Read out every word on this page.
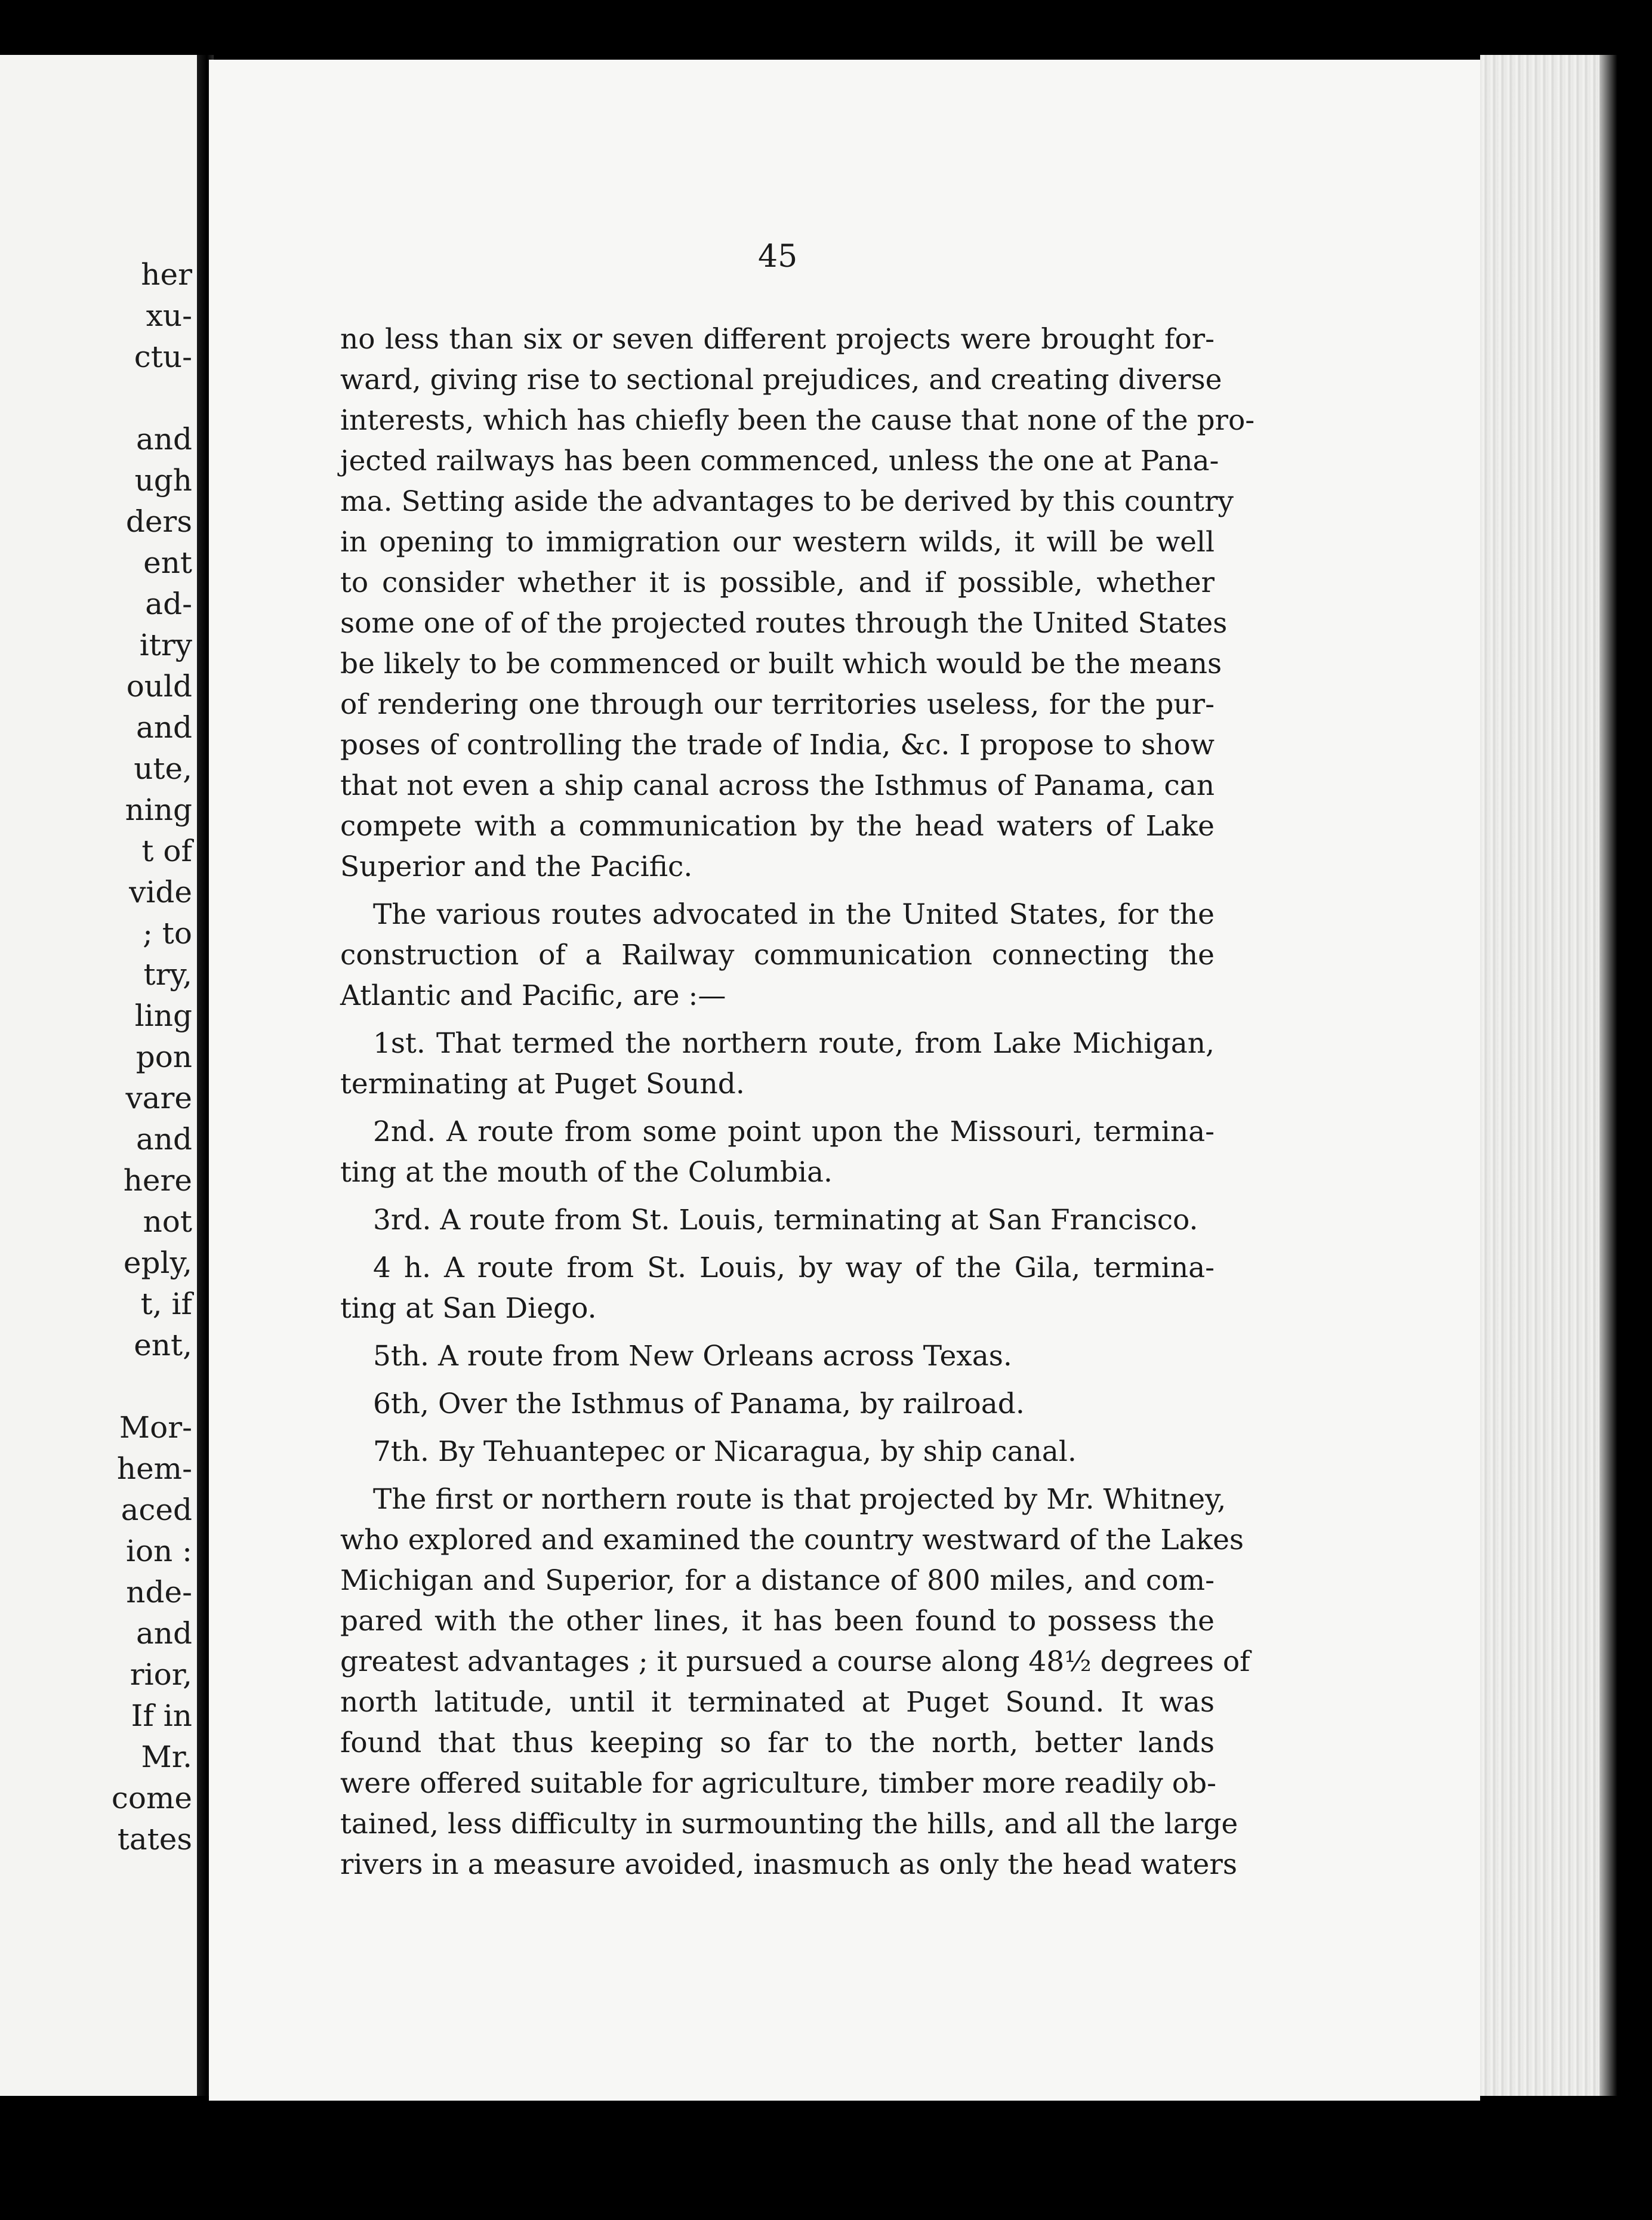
her
xu-
ctu-
and
ugh
ders
ent
ad-
itry
ould
and
ute,
ning
t of
vide
; to
try,
ling
pon
vare
and
here
not
eply,
t, if
ent,
Mor-
hem-
aced
ion :
nde-
and
rior,
If in
Mr.
come
tates
45
no less than six or seven different projects were brought for-
ward, giving rise to sectional prejudices, and creating diverse
interests, which has chiefly been the cause that none of the pro-
jected railways has been commenced, unless the one at Pana-
ma. Setting aside the advantages to be derived by this country
in opening to immigration our western wilds, it will be well
to consider whether it is possible, and if possible, whether
some one of of the projected routes through the United States
be likely to be commenced or built which would be the means
of rendering one through our territories useless, for the pur-
poses of controlling the trade of India, &c. I propose to show
that not even a ship canal across the Isthmus of Panama, can
compete with a communication by the head waters of Lake
Superior and the Pacific.
The various routes advocated in the United States, for the
construction of a Railway communication connecting the
Atlantic and Pacific, are :—
1st. That termed the northern route, from Lake Michigan,
terminating at Puget Sound.
2nd. A route from some point upon the Missouri, termina-
ting at the mouth of the Columbia.
3rd. A route from St. Louis, terminating at San Francisco.
4 h. A route from St. Louis, by way of the Gila, termina-
ting at San Diego.
5th. A route from New Orleans across Texas.
6th, Over the Isthmus of Panama, by railroad.
7th. By Tehuantepec or Nicaragua, by ship canal.
The first or northern route is that projected by Mr. Whitney,
who explored and examined the country westward of the Lakes
Michigan and Superior, for a distance of 800 miles, and com-
pared with the other lines, it has been found to possess the
greatest advantages ; it pursued a course along 48½ degrees of
north latitude, until it terminated at Puget Sound. It was
found that thus keeping so far to the north, better lands
were offered suitable for agriculture, timber more readily ob-
tained, less difficulty in surmounting the hills, and all the large
rivers in a measure avoided, inasmuch as only the head waters
